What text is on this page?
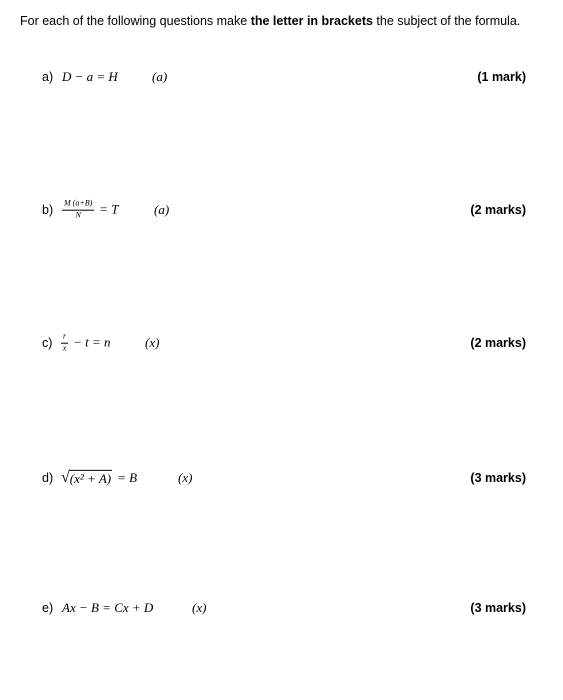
For each of the following questions make the letter in brackets the subject of the formula.
a) D − a = H	(a)	(1 mark)
$b) \frac{M (a+B)}{N} = T$	(a)	(2 marks)
$c) \frac{r}{x} - t = n$	(x)	(2 marks)
d) √ (x² + A) = B	(x)	(3 marks)
e) Ax − B = Cx + D	(x)	(3 marks)
